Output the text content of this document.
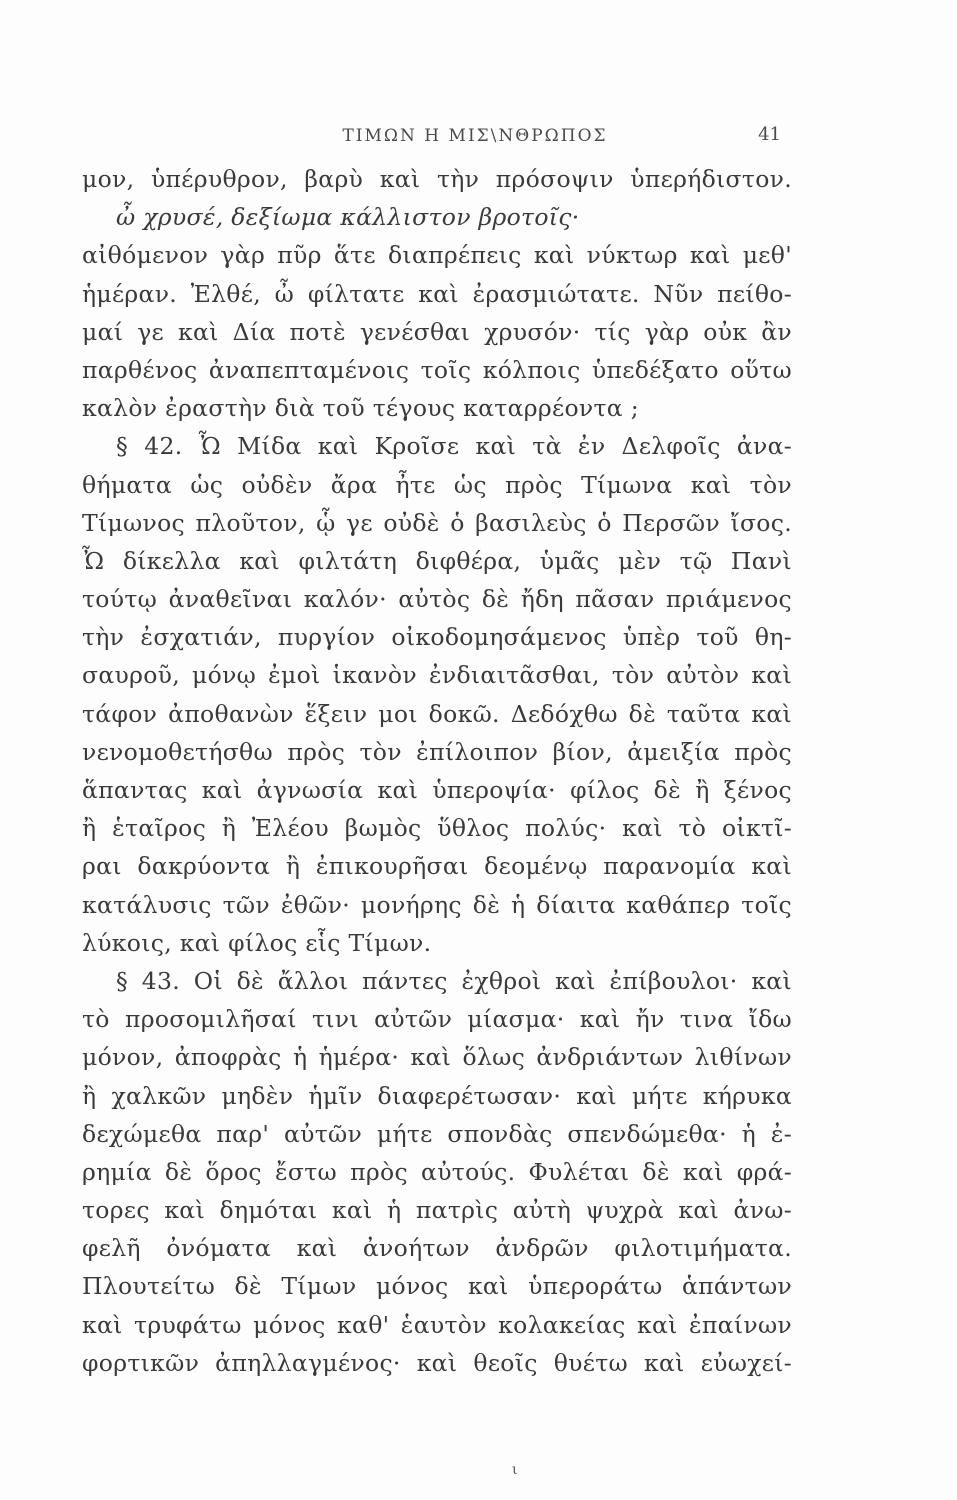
ΤΙΜΩΝ Η ΜΙΣ\ΝΘΡΩΠΟΣ	41
μον, ὑπέρυθρον, βαρὺ καὶ τὴν πρόσοψιν ὑπερήδιστον.
ὦ χρυσέ, δεξίωμα κάλλιστον βροτοῖς·
αἰθόμενον γὰρ πῦρ ἅτε διαπρέπεις καὶ νύκτωρ καὶ μεθ'
ἡμέραν. Ἐλθέ, ὦ φίλτατε καὶ ἐρασμιώτατε. Νῦν πείθο-
μαί γε καὶ Δία ποτὲ γενέσθαι χρυσόν· τίς γὰρ οὐκ ἂν
παρθένος ἀναπεπταμένοις τοῖς κόλποις ὑπεδέξατο οὕτω
καλὸν ἐραστὴν διὰ τοῦ τέγους καταρρέοντα ;
§ 42. Ὦ Μίδα καὶ Κροῖσε καὶ τὰ ἐν Δελφοῖς ἀνα-
θήματα ὡς οὐδὲν ἄρα ἦτε ὡς πρὸς Τίμωνα καὶ τὸν
Τίμωνος πλοῦτον, ᾧ γε οὐδὲ ὁ βασιλεὺς ὁ Περσῶν ἴσος.
Ὦ δίκελλα καὶ φιλτάτη διφθέρα, ὑμᾶς μὲν τῷ Πανὶ
τούτῳ ἀναθεῖναι καλόν· αὐτὸς δὲ ἤδη πᾶσαν πριάμενος
τὴν ἐσχατιάν, πυργίον οἰκοδομησάμενος ὑπὲρ τοῦ θη-
σαυροῦ, μόνῳ ἐμοὶ ἱκανὸν ἐνδιαιτᾶσθαι, τὸν αὐτὸν καὶ
τάφον ἀποθανὼν ἕξειν μοι δοκῶ. Δεδόχθω δὲ ταῦτα καὶ
νενομοθετήσθω πρὸς τὸν ἐπίλοιπον βίον, ἀμειξία πρὸς
ἅπαντας καὶ ἀγνωσία καὶ ὑπεροψία· φίλος δὲ ἢ ξένος
ἢ ἑταῖρος ἢ Ἐλέου βωμὸς ὕθλος πολύς· καὶ τὸ οἰκτῖ-
ραι δακρύοντα ἢ ἐπικουρῆσαι δεομένῳ παρανομία καὶ
κατάλυσις τῶν ἐθῶν· μονήρης δὲ ἡ δίαιτα καθάπερ τοῖς
λύκοις, καὶ φίλος εἷς Τίμων.
§ 43. Οἱ δὲ ἄλλοι πάντες ἐχθροὶ καὶ ἐπίβουλοι· καὶ
τὸ προσομιλῆσαί τινι αὐτῶν μίασμα· καὶ ἤν τινα ἴδω
μόνον, ἀποφρὰς ἡ ἡμέρα· καὶ ὅλως ἀνδριάντων λιθίνων
ἢ χαλκῶν μηδὲν ἡμῖν διαφερέτωσαν· καὶ μήτε κήρυκα
δεχώμεθα παρ' αὐτῶν μήτε σπονδὰς σπενδώμεθα· ἡ ἐ-
ρημία δὲ ὅρος ἔστω πρὸς αὐτούς. Φυλέται δὲ καὶ φρά-
τορες καὶ δημόται καὶ ἡ πατρὶς αὐτὴ ψυχρὰ καὶ ἀνω-
φελῆ ὀνόματα καὶ ἀνοήτων ἀνδρῶν φιλοτιμήματα.
Πλουτείτω δὲ Τίμων μόνος καὶ ὑπεροράτω ἁπάντων
καὶ τρυφάτω μόνος καθ' ἑαυτὸν κολακείας καὶ ἐπαίνων
φορτικῶν ἀπηλλαγμένος· καὶ θεοῖς θυέτω καὶ εὐωχεί-
ι
